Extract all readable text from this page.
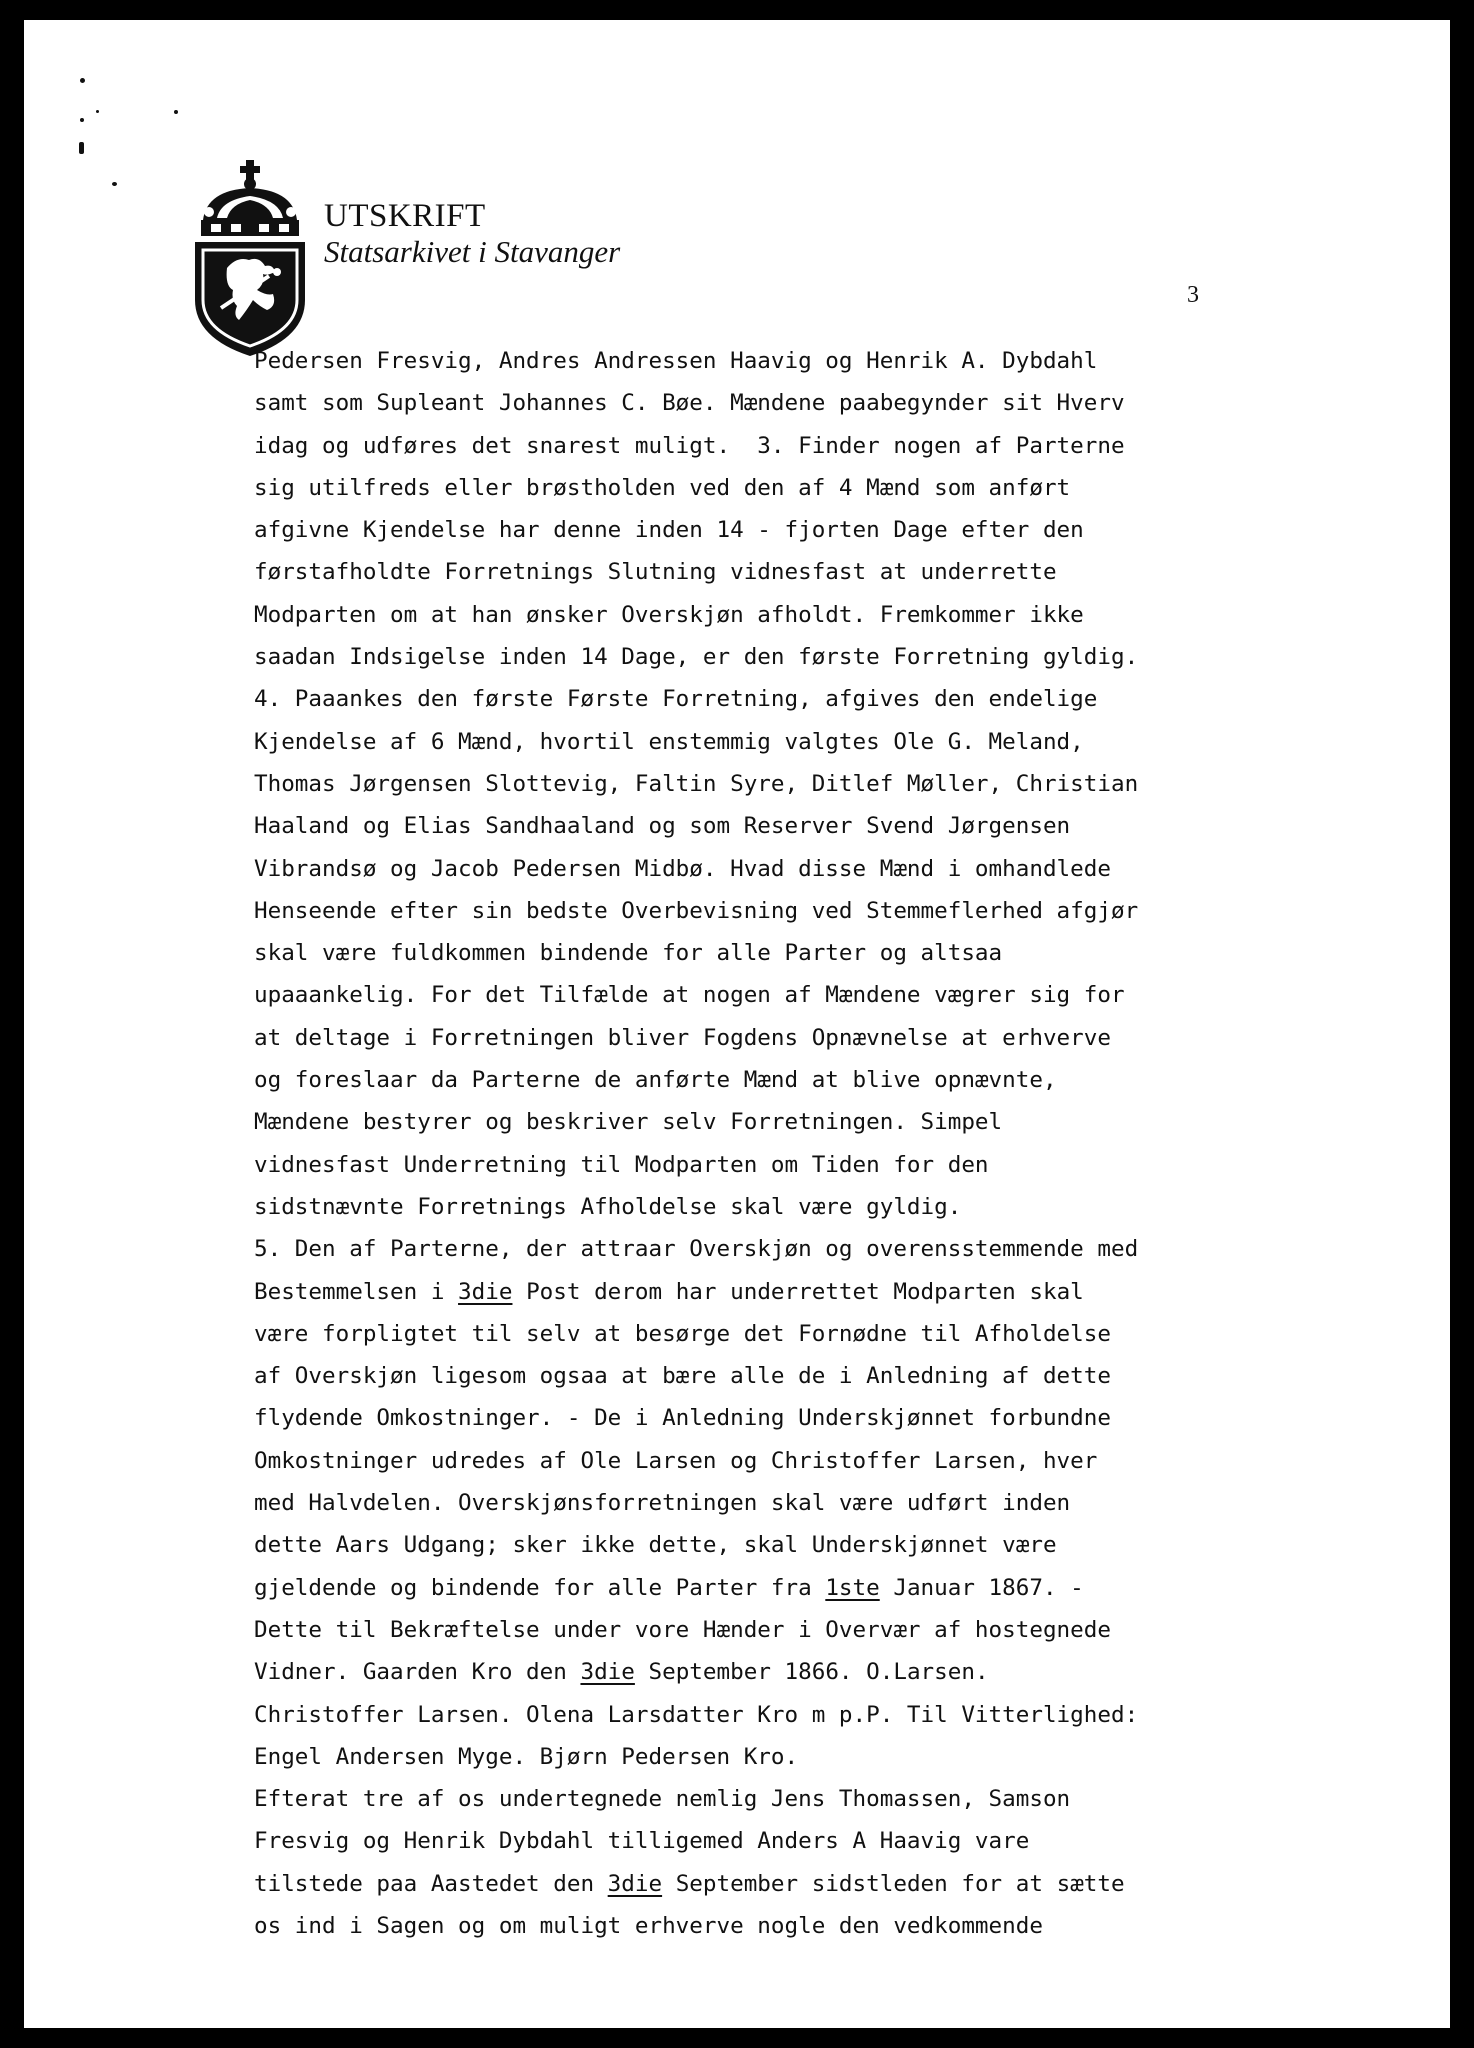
UTSKRIFT
Statsarkivet i Stavanger
3
Pedersen Fresvig, Andres Andressen Haavig og Henrik A. Dybdahl
samt som Supleant Johannes C. Bøe. Mændene paabegynder sit Hverv
idag og udføres det snarest muligt.  3. Finder nogen af Parterne
sig utilfreds eller brøstholden ved den af 4 Mænd som anført
afgivne Kjendelse har denne inden 14 - fjorten Dage efter den
førstafholdte Forretnings Slutning vidnesfast at underrette
Modparten om at han ønsker Overskjøn afholdt. Fremkommer ikke
saadan Indsigelse inden 14 Dage, er den første Forretning gyldig.
4. Paaankes den første Første Forretning, afgives den endelige
Kjendelse af 6 Mænd, hvortil enstemmig valgtes Ole G. Meland,
Thomas Jørgensen Slottevig, Faltin Syre, Ditlef Møller, Christian
Haaland og Elias Sandhaaland og som Reserver Svend Jørgensen
Vibrandsø og Jacob Pedersen Midbø. Hvad disse Mænd i omhandlede
Henseende efter sin bedste Overbevisning ved Stemmeflerhed afgjør
skal være fuldkommen bindende for alle Parter og altsaa
upaaankelig. For det Tilfælde at nogen af Mændene vægrer sig for
at deltage i Forretningen bliver Fogdens Opnævnelse at erhverve
og foreslaar da Parterne de anførte Mænd at blive opnævnte,
Mændene bestyrer og beskriver selv Forretningen. Simpel
vidnesfast Underretning til Modparten om Tiden for den
sidstnævnte Forretnings Afholdelse skal være gyldig.
5. Den af Parterne, der attraar Overskjøn og overensstemmende med
Bestemmelsen i 3die Post derom har underrettet Modparten skal
være forpligtet til selv at besørge det Fornødne til Afholdelse
af Overskjøn ligesom ogsaa at bære alle de i Anledning af dette
flydende Omkostninger. - De i Anledning Underskjønnet forbundne
Omkostninger udredes af Ole Larsen og Christoffer Larsen, hver
med Halvdelen. Overskjønsforretningen skal være udført inden
dette Aars Udgang; sker ikke dette, skal Underskjønnet være
gjeldende og bindende for alle Parter fra 1ste Januar 1867. -
Dette til Bekræftelse under vore Hænder i Overvær af hostegnede
Vidner. Gaarden Kro den 3die September 1866. O.Larsen.
Christoffer Larsen. Olena Larsdatter Kro m p.P. Til Vitterlighed:
Engel Andersen Myge. Bjørn Pedersen Kro.
Efterat tre af os undertegnede nemlig Jens Thomassen, Samson
Fresvig og Henrik Dybdahl tilligemed Anders A Haavig vare
tilstede paa Aastedet den 3die September sidstleden for at sætte
os ind i Sagen og om muligt erhverve nogle den vedkommende
